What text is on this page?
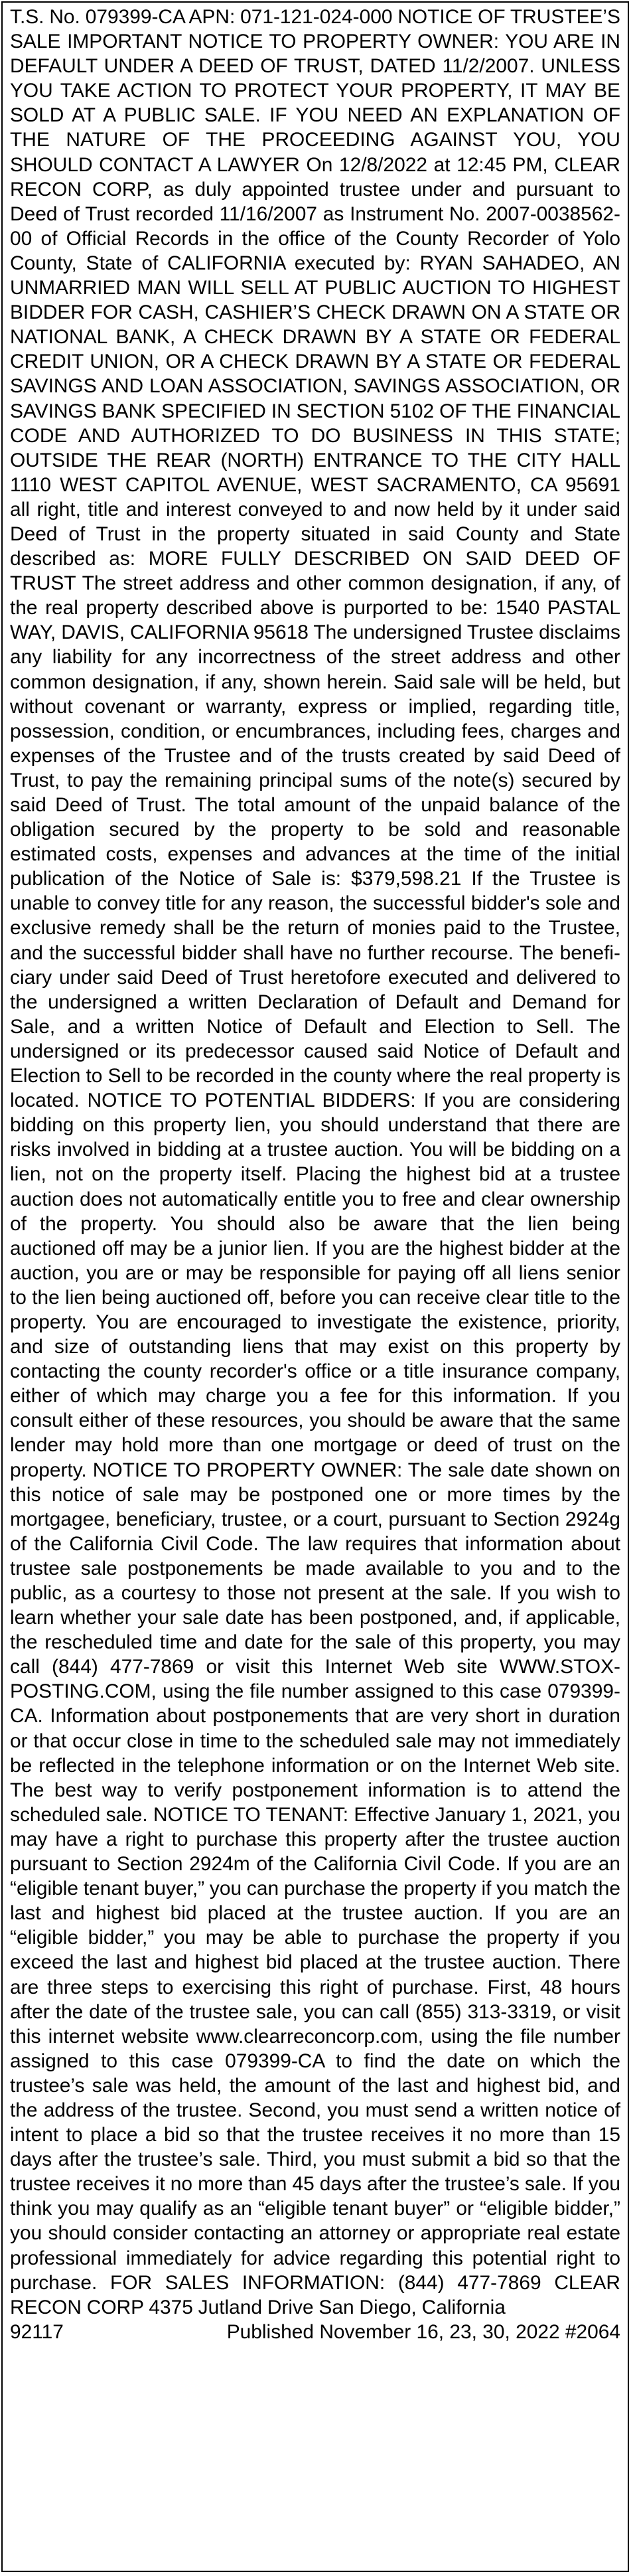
T.S. No. 079399-CA APN: 071-121-024-000 NOTICE OF TRUSTEE’S SALE IMPORTANT NOTICE TO PROPERTY OWNER: YOU ARE IN DEFAULT UNDER A DEED OF TRUST, DATED 11/2/2007. UNLESS YOU TAKE ACTION TO PROTECT YOUR PROPERTY, IT MAY BE SOLD AT A PUBLIC SALE. IF YOU NEED AN EXPLANATION OF THE NATURE OF THE PROCEEDING AGAINST YOU, YOU SHOULD CONTACT A LAWYER On 12/8/2022 at 12:45 PM, CLEAR RECON CORP, as duly appointed trustee under and pursuant to Deed of Trust recorded 11/16/2007 as Instrument No. 2007-0038562-00 of Official Records in the office of the County Recorder of Yolo County, State of CALIFORNIA executed by: RYAN SAHADEO, AN UNMARRIED MAN WILL SELL AT PUBLIC AUCTION TO HIGHEST BIDDER FOR CASH, CASHIER’S CHECK DRAWN ON A STATE OR NATIONAL BANK, A CHECK DRAWN BY A STATE OR FEDERAL CREDIT UNION, OR A CHECK DRAWN BY A STATE OR FEDERAL SAVINGS AND LOAN ASSOCIATION, SAVINGS ASSOCIATION, OR SAVINGS BANK SPECIFIED IN SECTION 5102 OF THE FINANCIAL CODE AND AUTHORIZED TO DO BUSINESS IN THIS STATE; OUTSIDE THE REAR (NORTH) ENTRANCE TO THE CITY HALL 1110 WEST CAPITOL AVENUE, WEST SACRAMENTO, CA 95691 all right, title and interest conveyed to and now held by it under said Deed of Trust in the property situated in said County and State described as: MORE FULLY DESCRIBED ON SAID DEED OF TRUST The street address and other common designation, if any, of the real property described above is purported to be: 1540 PASTAL WAY, DAVIS, CALIFORNIA 95618 The undersigned Trustee disclaims any liability for any incorrectness of the street address and other common designation, if any, shown herein. Said sale will be held, but without covenant or warranty, express or implied, regarding title, possession, condition, or encumbrances, including fees, charges and expenses of the Trustee and of the trusts created by said Deed of Trust, to pay the remaining principal sums of the note(s) secured by said Deed of Trust. The total amount of the unpaid balance of the obligation secured by the property to be sold and reasonable estimated costs, expenses and advances at the time of the initial publication of the Notice of Sale is: $379,598.21 If the Trustee is unable to convey title for any reason, the successful bidder's sole and exclusive remedy shall be the return of monies paid to the Trustee, and the successful bidder shall have no further recourse. The beneficiary under said Deed of Trust heretofore executed and delivered to the undersigned a written Declaration of Default and Demand for Sale, and a written Notice of Default and Election to Sell. The undersigned or its predecessor caused said Notice of Default and Election to Sell to be recorded in the county where the real property is located. NOTICE TO POTENTIAL BIDDERS: If you are considering bidding on this property lien, you should understand that there are risks involved in bidding at a trustee auction. You will be bidding on a lien, not on the property itself. Placing the highest bid at a trustee auction does not automatically entitle you to free and clear ownership of the property. You should also be aware that the lien being auctioned off may be a junior lien. If you are the highest bidder at the auction, you are or may be responsible for paying off all liens senior to the lien being auctioned off, before you can receive clear title to the property. You are encouraged to investigate the existence, priority, and size of outstanding liens that may exist on this property by contacting the county recorder's office or a title insurance company, either of which may charge you a fee for this information. If you consult either of these resources, you should be aware that the same lender may hold more than one mortgage or deed of trust on the property. NOTICE TO PROPERTY OWNER: The sale date shown on this notice of sale may be postponed one or more times by the mortgagee, beneficiary, trustee, or a court, pursuant to Section 2924g of the California Civil Code. The law requires that information about trustee sale postponements be made available to you and to the public, as a courtesy to those not present at the sale. If you wish to learn whether your sale date has been postponed, and, if applicable, the rescheduled time and date for the sale of this property, you may call (844) 477-7869 or visit this Internet Web site WWW.STOXPOSTING.COM, using the file number assigned to this case 079399-CA. Information about postponements that are very short in duration or that occur close in time to the scheduled sale may not immediately be reflected in the telephone information or on the Internet Web site. The best way to verify postponement information is to attend the scheduled sale. NOTICE TO TENANT: Effective January 1, 2021, you may have a right to purchase this property after the trustee auction pursuant to Section 2924m of the California Civil Code. If you are an “eligible tenant buyer,” you can purchase the property if you match the last and highest bid placed at the trustee auction. If you are an “eligible bidder,” you may be able to purchase the property if you exceed the last and highest bid placed at the trustee auction. There are three steps to exercising this right of purchase. First, 48 hours after the date of the trustee sale, you can call (855) 313-3319, or visit this internet website www.clearreconcorp.com, using the file number assigned to this case 079399-CA to find the date on which the trustee’s sale was held, the amount of the last and highest bid, and the address of the trustee. Second, you must send a written notice of intent to place a bid so that the trustee receives it no more than 15 days after the trustee’s sale. Third, you must submit a bid so that the trustee receives it no more than 45 days after the trustee’s sale. If you think you may qualify as an “eligible tenant buyer” or “eligible bidder,” you should consider contacting an attorney or appropriate real estate professional immediately for advice regarding this potential right to purchase. FOR SALES INFORMATION: (844) 477-7869 CLEAR RECON CORP 4375 Jutland Drive San Diego, California

92117	Published November 16, 23, 30, 2022 #2064
